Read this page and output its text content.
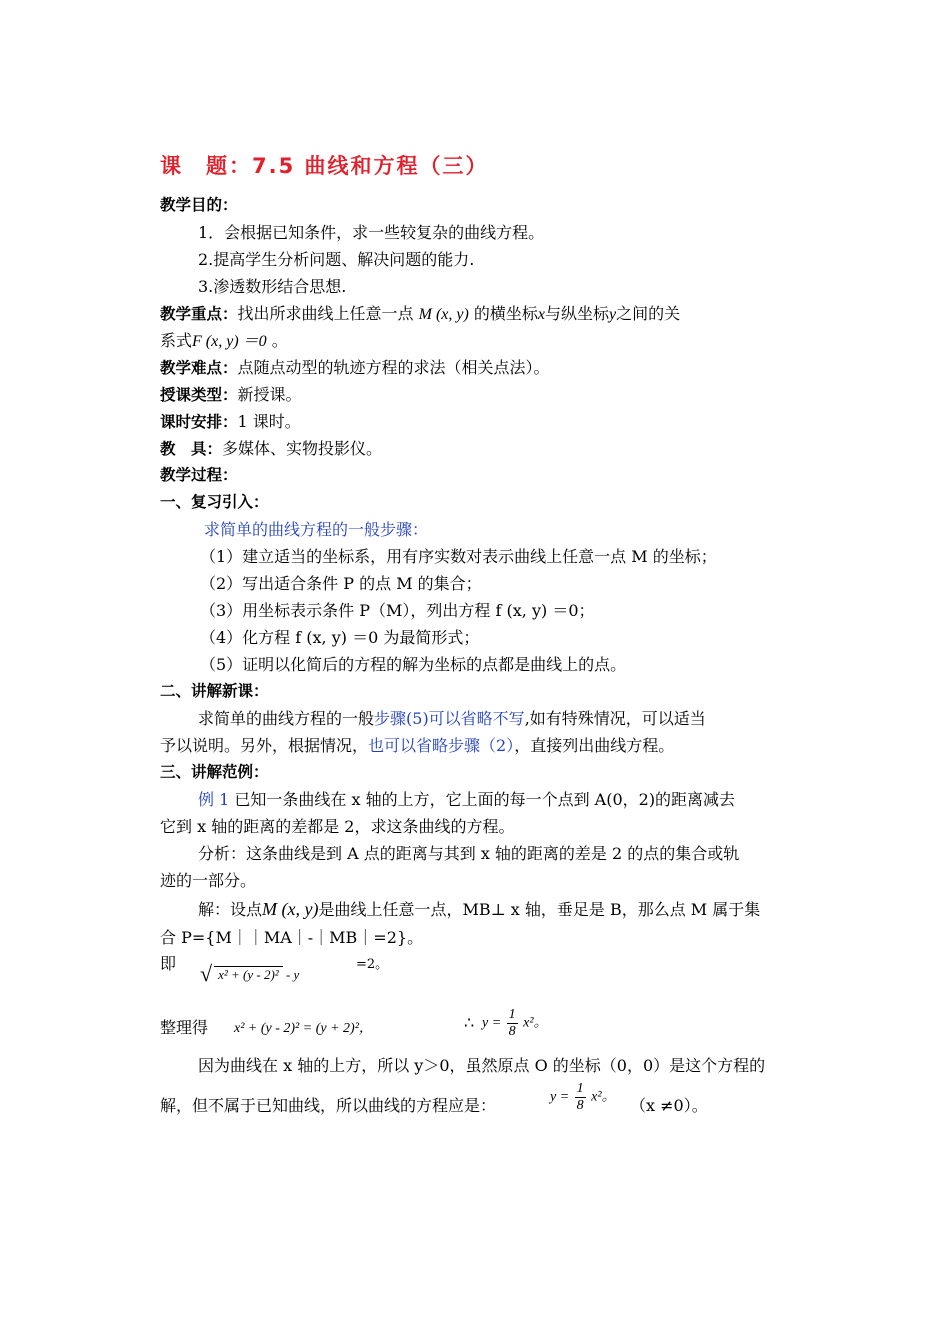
课　题：7.5 曲线和方程（三）
教学目的：
1．会根据已知条件，求一些较复杂的曲线方程。
2.提高学生分析问题、解决问题的能力.
3.渗透数形结合思想.
教学重点：找出所求曲线上任意一点 M (x, y) 的横坐标x与纵坐标y之间的关
系式F (x, y) ＝0 。
教学难点：点随点动型的轨迹方程的求法（相关点法）。
授课类型：新授课。
课时安排：1 课时。
教　具：多媒体、实物投影仪。
教学过程：
一、复习引入：
求简单的曲线方程的一般步骤：
（1）建立适当的坐标系，用有序实数对表示曲线上任意一点 M 的坐标；
（2）写出适合条件 P 的点 M 的集合；
（3）用坐标表示条件 P（M），列出方程 f (x, y) ＝0；
（4）化方程 f (x, y) ＝0 为最简形式；
（5）证明以化简后的方程的解为坐标的点都是曲线上的点。
二、讲解新课：
求简单的曲线方程的一般步骤(5)可以省略不写,如有特殊情况，可以适当
予以说明。另外，根据情况，也可以省略步骤（2），直接列出曲线方程。
三、讲解范例：
例 1 已知一条曲线在 x 轴的上方，它上面的每一个点到 A(0，2)的距离减去
它到 x 轴的距离的差都是 2，求这条曲线的方程。
分析：这条曲线是到 A 点的距离与其到 x 轴的距离的差是 2 的点的集合或轨
迹的一部分。
解：设点M (x, y)是曲线上任意一点，MB⊥ x 轴，垂足是 B，那么点 M 属于集
合 P={M｜｜MA｜-｜MB｜=2}。
即 √ x² + (y - 2)² - y
=2。
整理得 x² + (y - 2)² = (y + 2)²，	∴ $y = \frac{1}{8} x^2$。
因为曲线在 x 轴的上方，所以 y＞0，虽然原点 O 的坐标（0，0）是这个方程的
解，但不属于已知曲线，所以曲线的方程应是：	$y = \frac{1}{8} x^2$。 （x ≠0）。
